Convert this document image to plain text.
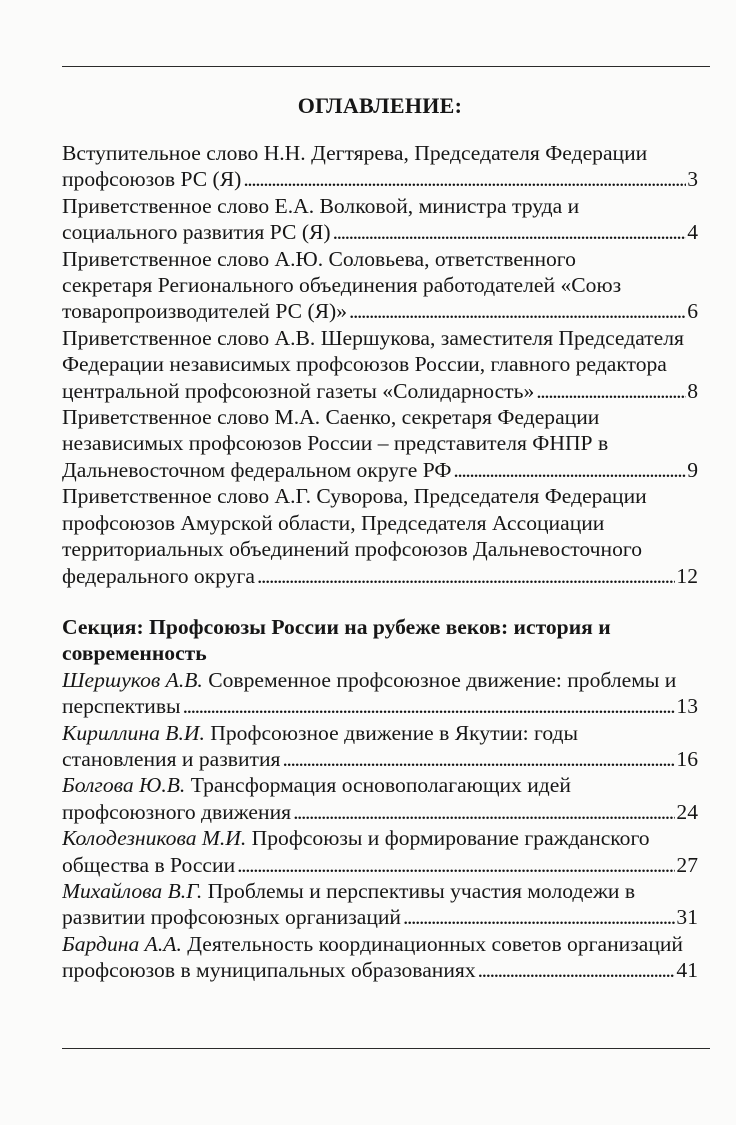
ОГЛАВЛЕНИЕ:
Вступительное слово Н.Н. Дегтярева, Председателя Федерации
профсоюзов РС (Я) . . .	3
Приветственное слово Е.А. Волковой, министра труда и
социального развития РС (Я) . . .	4
Приветственное слово А.Ю. Соловьева, ответственного
секретаря Регионального объединения работодателей «Союз
товаропроизводителей РС (Я)» . . .	6
Приветственное слово А.В. Шершукова, заместителя Председателя
Федерации независимых профсоюзов России, главного редактора
центральной профсоюзной газеты «Солидарность» . . .	8
Приветственное слово М.А. Саенко, секретаря Федерации
независимых профсоюзов России – представителя ФНПР в
Дальневосточном федеральном округе РФ . . .	9
Приветственное слово А.Г. Суворова, Председателя Федерации
профсоюзов Амурской области, Председателя Ассоциации
территориальных объединений профсоюзов Дальневосточного
федерального округа . . .	12
Секция: Профсоюзы России на рубеже веков: история и
современность
Шершуков А.В. Современное профсоюзное движение: проблемы и
перспективы . . .	13
Кириллина В.И. Профсоюзное движение в Якутии: годы
становления и развития . . .	16
Болгова Ю.В. Трансформация основополагающих идей
профсоюзного движения . . .	24
Колодезникова М.И. Профсоюзы и формирование гражданского
общества в России . . .	27
Михайлова В.Г. Проблемы и перспективы участия молодежи в
развитии профсоюзных организаций . . .	31
Бардина А.А. Деятельность координационных советов организаций
профсоюзов в муниципальных образованиях . . .	41
